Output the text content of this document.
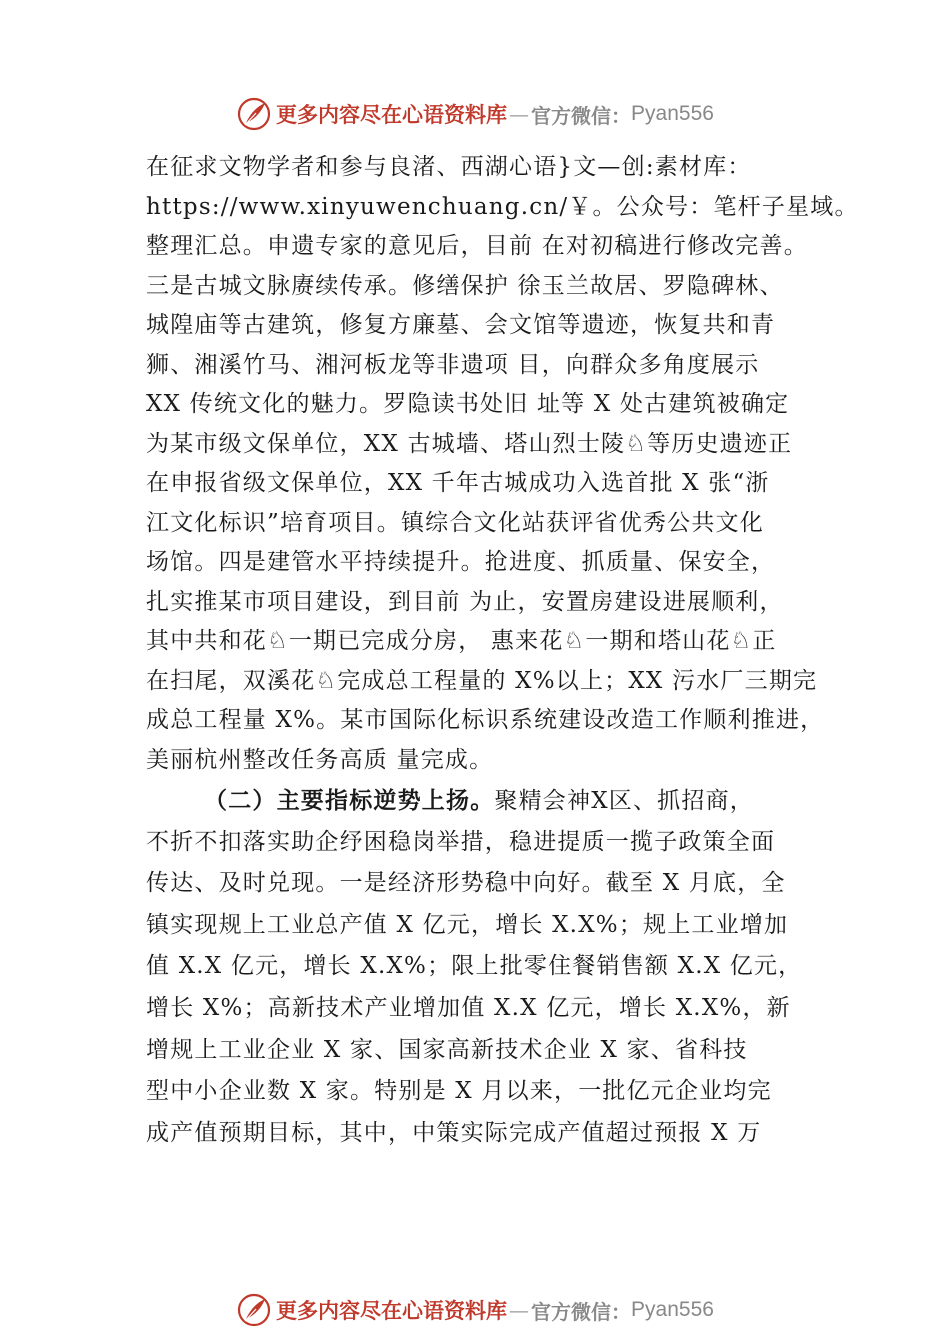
更多内容尽在心语资料库 — 官方微信： Pyan556
在征求文物学者和参与良渚、西湖心语}文—创:素材库：
https://www.xinyuwenchuang.cn/￥。公众号：笔杆子星域。
整理汇总。申遗专家的意见后，目前 在对初稿进行修改完善。
三是古城文脉赓续传承。修缮保护 徐玉兰故居、罗隐碑林、
城隍庙等古建筑，修复方廉墓、会文馆等遗迹，恢复共和青
狮、湘溪竹马、湘河板龙等非遗项 目，向群众多角度展示
XX 传统文化的魅力。罗隐读书处旧 址等 X 处古建筑被确定
为某市级文保单位，XX 古城墙、塔山烈士陵♘等历史遗迹正
在申报省级文保单位，XX 千年古城成功入选首批 X 张“浙
江文化标识”培育项目。镇综合文化站获评省优秀公共文化
场馆。四是建管水平持续提升。抢进度、抓质量、保安全，
扎实推某市项目建设，到目前 为止，安置房建设进展顺利，
其中共和花♘一期已完成分房， 惠来花♘一期和塔山花♘正
在扫尾，双溪花♘完成总工程量的 X%以上；XX 污水厂三期完
成总工程量 X%。某市国际化标识系统建设改造工作顺利推进，
美丽杭州整改任务高质 量完成。
（二）主要指标逆势上扬。聚精会神X区、抓招商，
不折不扣落实助企纾困稳岗举措，稳进提质一揽子政策全面
传达、及时兑现。一是经济形势稳中向好。截至 X 月底，全
镇实现规上工业总产值 X 亿元，增长 X.X%；规上工业增加
值 X.X 亿元，增长 X.X%；限上批零住餐销售额 X.X 亿元，
增长 X%；高新技术产业增加值 X.X 亿元，增长 X.X%，新
增规上工业企业 X 家、国家高新技术企业 X 家、省科技
型中小企业数 X 家。特别是 X 月以来，一批亿元企业均完
成产值预期目标，其中，中策实际完成产值超过预报 X 万
更多内容尽在心语资料库 — 官方微信： Pyan556
